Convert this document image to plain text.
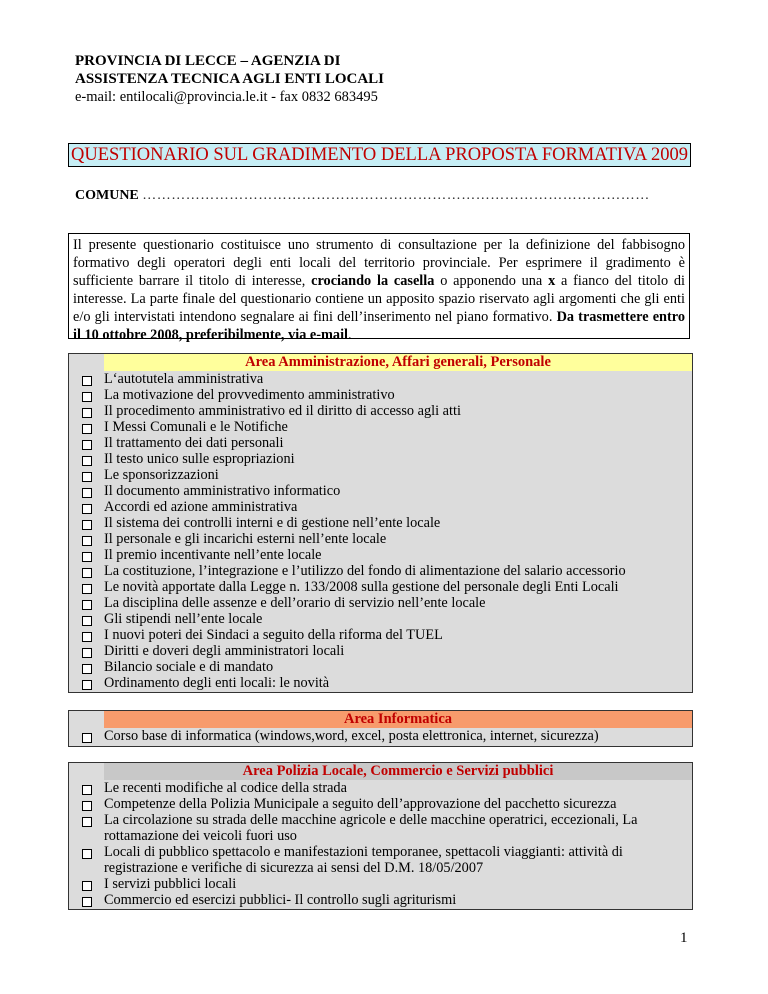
PROVINCIA DI LECCE – AGENZIA DI
ASSISTENZA TECNICA AGLI ENTI LOCALI
e-mail: entilocali@provincia.le.it - fax 0832 683495
QUESTIONARIO SUL GRADIMENTO DELLA PROPOSTA FORMATIVA 2009
COMUNE ……………………………………………………………………………………………

Il presente questionario costituisce uno strumento di consultazione per la definizione del fabbisogno formativo degli operatori degli enti locali del territorio provinciale. Per esprimere il gradimento è sufficiente barrare il titolo di interesse, crociando la casella o apponendo una x a fianco del titolo di interesse. La parte finale del questionario contiene un apposito spazio riservato agli argomenti che gli enti e/o gli intervistati intendono segnalare ai fini dell’inserimento nel piano formativo. Da trasmettere entro il 10 ottobre 2008, preferibilmente, via e-mail.

Area Amministrazione, Affari generali, Personale
L‘autotutela amministrativa
La motivazione del provvedimento amministrativo
Il procedimento amministrativo ed il diritto di accesso agli atti
I Messi Comunali e le Notifiche
Il trattamento dei dati personali
Il testo unico sulle espropriazioni
Le sponsorizzazioni
Il documento amministrativo informatico
Accordi ed azione amministrativa
Il sistema dei controlli interni e di gestione nell’ente locale
Il personale e gli incarichi esterni nell’ente locale
Il premio incentivante nell’ente locale
La costituzione, l’integrazione e l’utilizzo del fondo di alimentazione del salario accessorio
Le novità apportate dalla Legge n. 133/2008 sulla gestione del personale degli Enti Locali
La disciplina delle assenze e dell’orario di servizio nell’ente locale
Gli stipendi nell’ente locale
I nuovi poteri dei Sindaci a seguito della riforma del TUEL
Diritti e doveri degli amministratori locali
Bilancio sociale e di mandato
Ordinamento degli enti locali: le novità
Area Informatica
Corso base di informatica (windows,word, excel, posta elettronica, internet, sicurezza)
Area Polizia Locale, Commercio e Servizi pubblici
Le recenti modifiche al codice della strada
Competenze della Polizia Municipale a seguito dell’approvazione del pacchetto sicurezza
La circolazione su strada delle macchine agricole e delle macchine operatrici, eccezionali, La rottamazione dei veicoli fuori uso
Locali di pubblico spettacolo e manifestazioni temporanee, spettacoli viaggianti: attività di registrazione e verifiche di sicurezza ai sensi del D.M. 18/05/2007
I servizi pubblici locali
Commercio ed esercizi pubblici- Il controllo sugli agriturismi
1
